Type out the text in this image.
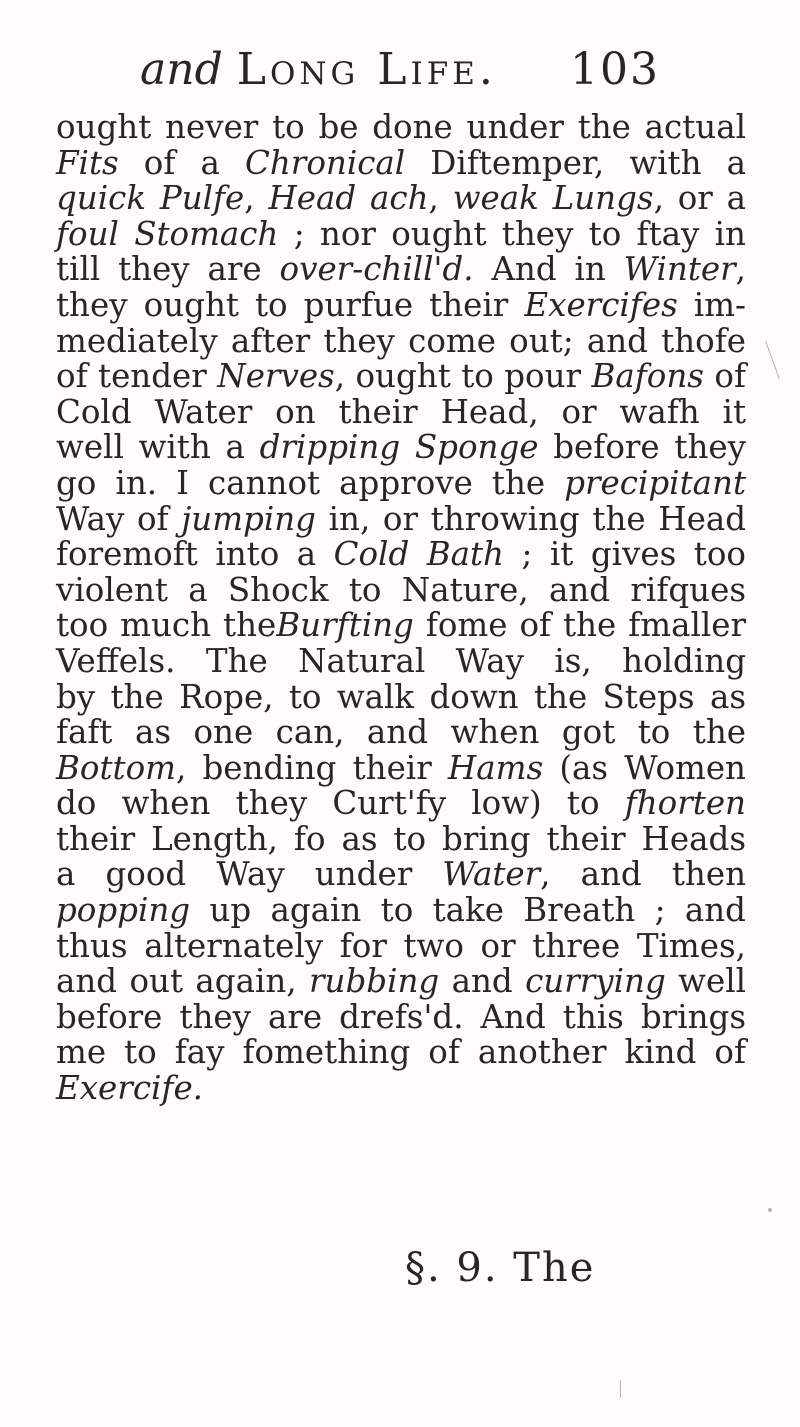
and Long Life. 103
ought never to be done under the actual
Fits of a Chronical Diftemper, with a
quick Pulfe, Head ach, weak Lungs, or a
foul Stomach ; nor ought they to ftay in
till they are over-chill'd. And in Winter,
they ought to purfue their Exercifes im-
mediately after they come out; and thofe
of tender Nerves, ought to pour Bafons of
Cold Water on their Head, or wafh it
well with a dripping Sponge before they
go in. I cannot approve the precipitant
Way of jumping in, or throwing the Head
foremoft into a Cold Bath ; it gives too
violent a Shock to Nature, and rifques
too much theBurfting fome of the fmaller
Veffels. The Natural Way is, holding
by the Rope, to walk down the Steps as
faft as one can, and when got to the
Bottom, bending their Hams (as Women
do when they Curt'fy low) to fhorten
their Length, fo as to bring their Heads
a good Way under Water, and then
popping up again to take Breath ; and
thus alternately for two or three Times,
and out again, rubbing and currying well
before they are drefs'd. And this brings
me to fay fomething of another kind of
Exercife.
§. 9. The
